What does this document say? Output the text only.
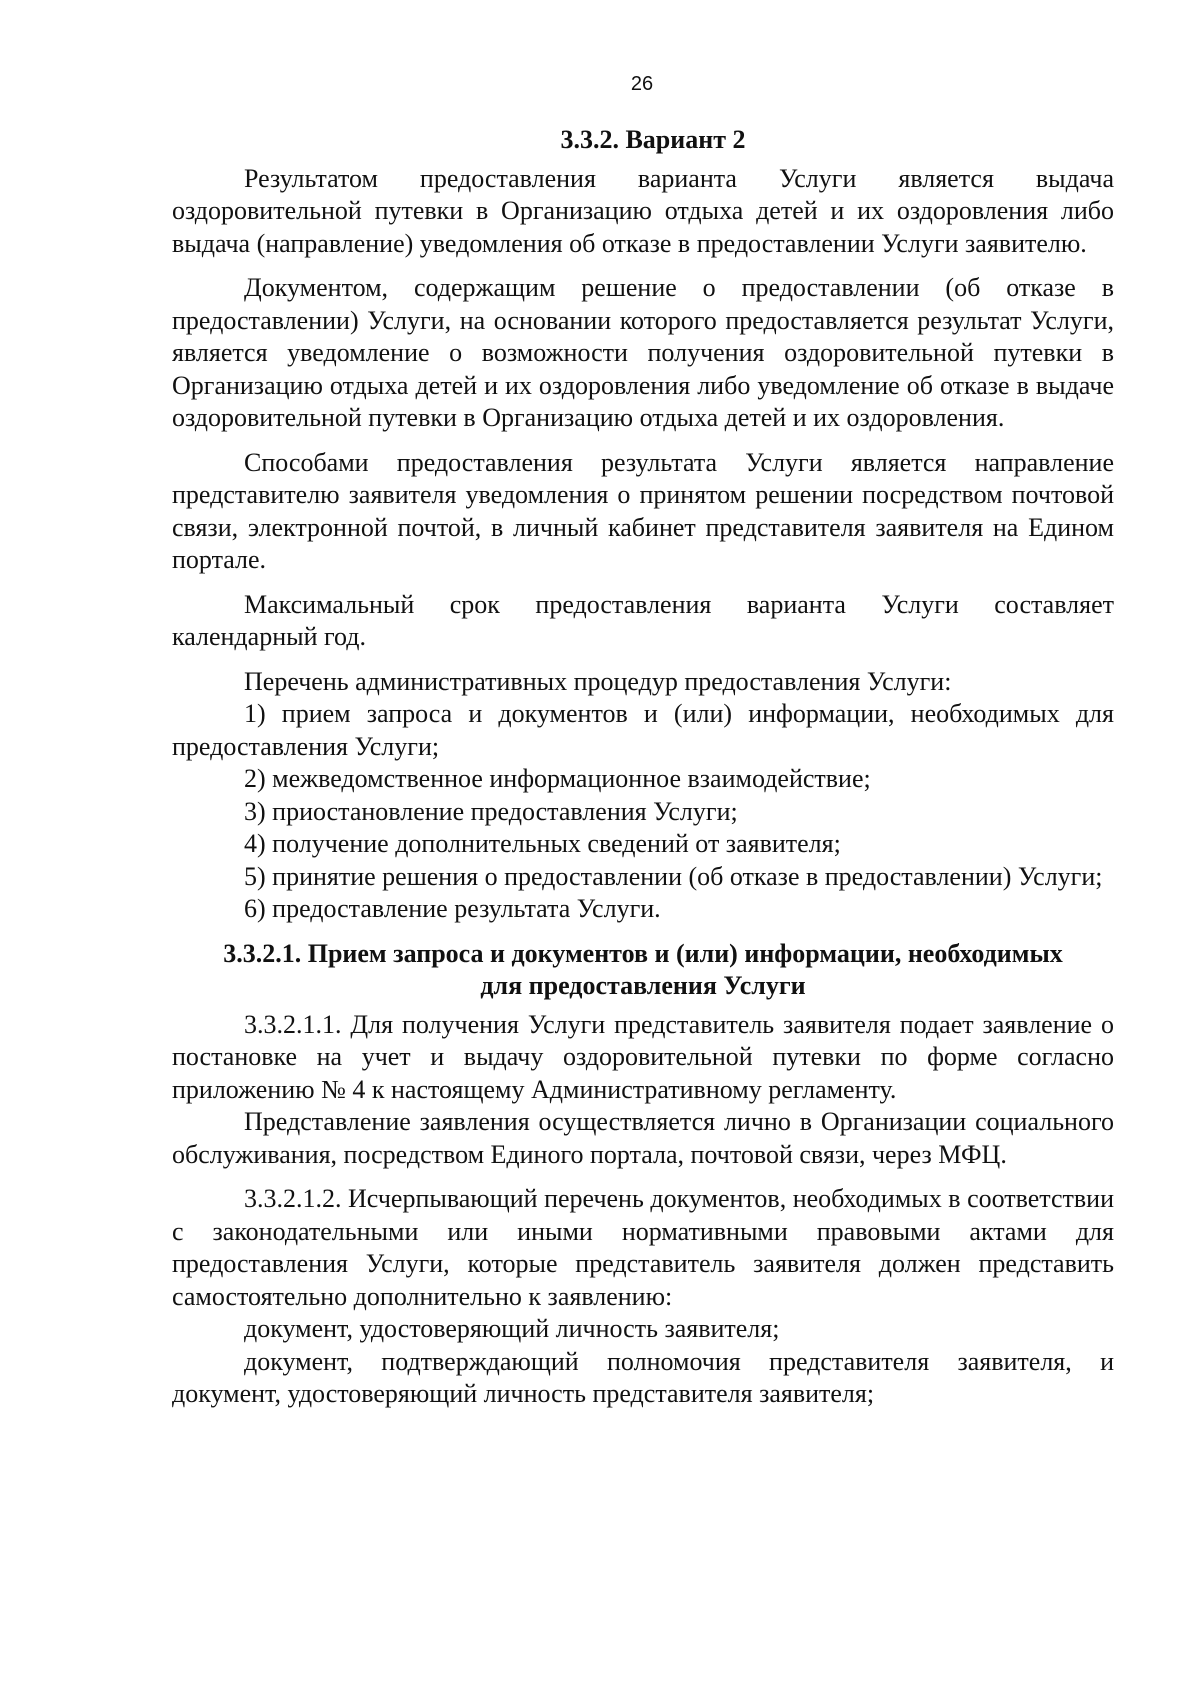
26
3.3.2. Вариант 2

Результатом предоставления варианта Услуги является выдача оздоровительной путевки в Организацию отдыха детей и их оздоровления либо выдача (направление) уведомления об отказе в предоставлении Услуги заявителю.

Документом, содержащим решение о предоставлении (об отказе в предоставлении) Услуги, на основании которого предоставляется результат Услуги, является уведомление о возможности получения оздоровительной путевки в Организацию отдыха детей и их оздоровления либо уведомление об отказе в выдаче оздоровительной путевки в Организацию отдыха детей и их оздоровления.

Способами предоставления результата Услуги является направление представителю заявителя уведомления о принятом решении посредством почтовой связи, электронной почтой, в личный кабинет представителя заявителя на Едином портале.

Максимальный срок предоставления варианта Услуги составляет календарный год.

Перечень административных процедур предоставления Услуги:

1) прием запроса и документов и (или) информации, необходимых для предоставления Услуги;

2) межведомственное информационное взаимодействие;

3) приостановление предоставления Услуги;

4) получение дополнительных сведений от заявителя;

5) принятие решения о предоставлении (об отказе в предоставлении) Услуги;

6) предоставление результата Услуги.

3.3.2.1. Прием запроса и документов и (или) информации, необходимых
для предоставления Услуги

3.3.2.1.1. Для получения Услуги представитель заявителя подает заявление о постановке на учет и выдачу оздоровительной путевки по форме согласно приложению № 4 к настоящему Административному регламенту.

Представление заявления осуществляется лично в Организации социального обслуживания, посредством Единого портала, почтовой связи, через МФЦ.

3.3.2.1.2. Исчерпывающий перечень документов, необходимых в соответствии с законодательными или иными нормативными правовыми актами для предоставления Услуги, которые представитель заявителя должен представить самостоятельно дополнительно к заявлению:

документ, удостоверяющий личность заявителя;

документ, подтверждающий полномочия представителя заявителя, и документ, удостоверяющий личность представителя заявителя;
